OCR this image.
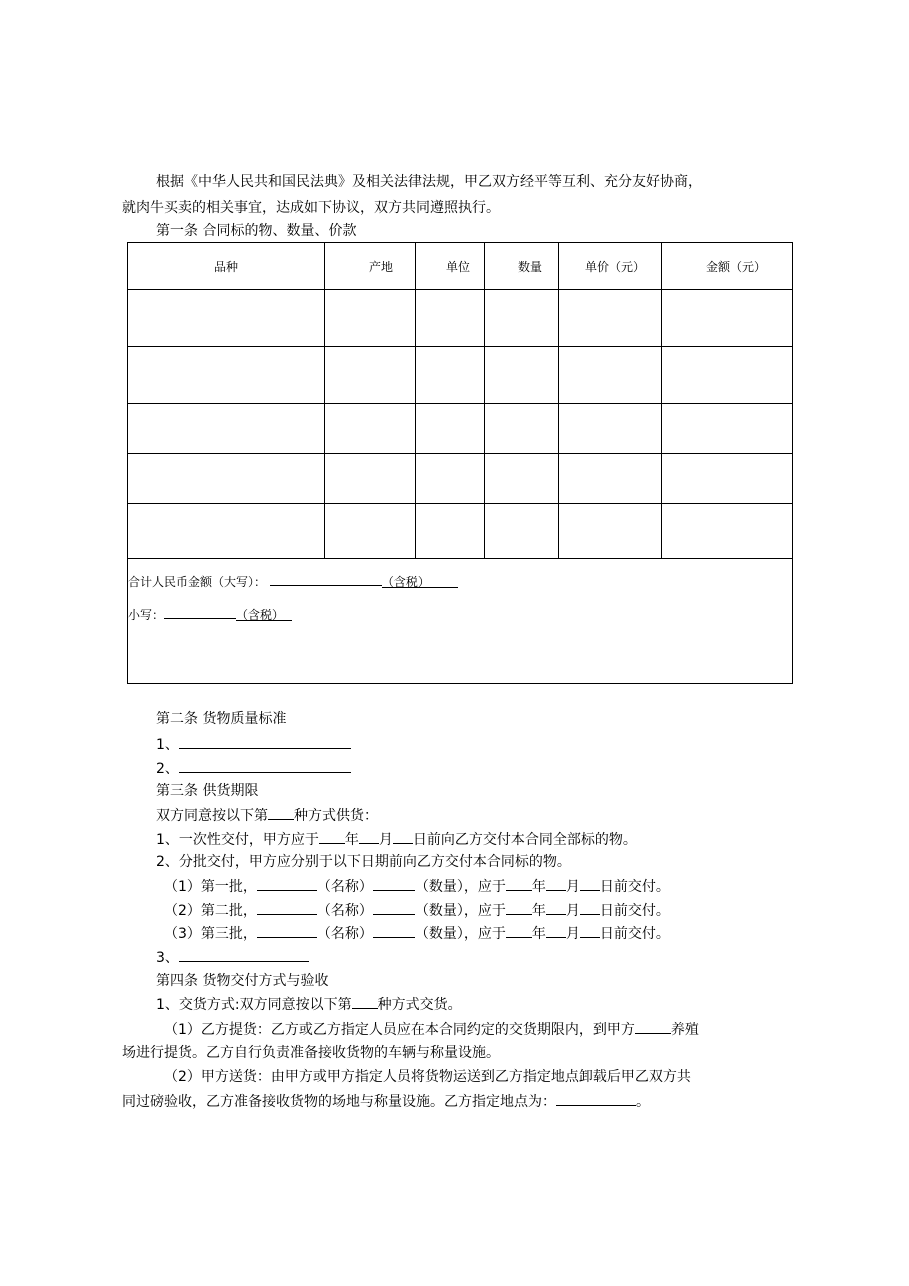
根据《中华人民共和国民法典》及相关法律法规，甲乙双方经平等互利、充分友好协商，
就肉牛买卖的相关事宜，达成如下协议，双方共同遵照执行。
第一条 合同标的物、数量、价款
品种	产地	单位	数量	单价（元）	金额（元）

合计人民币金额（大写）： （含税）
小写： （含税）					
第二条 货物质量标准
1、
2、
第三条 供货期限
双方同意按以下第 种方式供货：
1、一次性交付，甲方应于 年 月 日前向乙方交付本合同全部标的物。
2、分批交付，甲方应分别于以下日期前向乙方交付本合同标的物。
（1）第一批，	（名称）	（数量），应于 年 月 日前交付。
（2）第二批，	（名称）	（数量），应于 年 月 日前交付。
（3）第三批，	（名称）	（数量），应于 年 月 日前交付。
3、
第四条 货物交付方式与验收
1、交货方式:双方同意按以下第 种方式交货。
（1）乙方提货：乙方或乙方指定人员应在本合同约定的交货期限内，到甲方	养殖
场进行提货。乙方自行负责准备接收货物的车辆与称量设施。
（2）甲方送货：由甲方或甲方指定人员将货物运送到乙方指定地点卸载后甲乙双方共
同过磅验收，乙方准备接收货物的场地与称量设施。乙方指定地点为：	。
